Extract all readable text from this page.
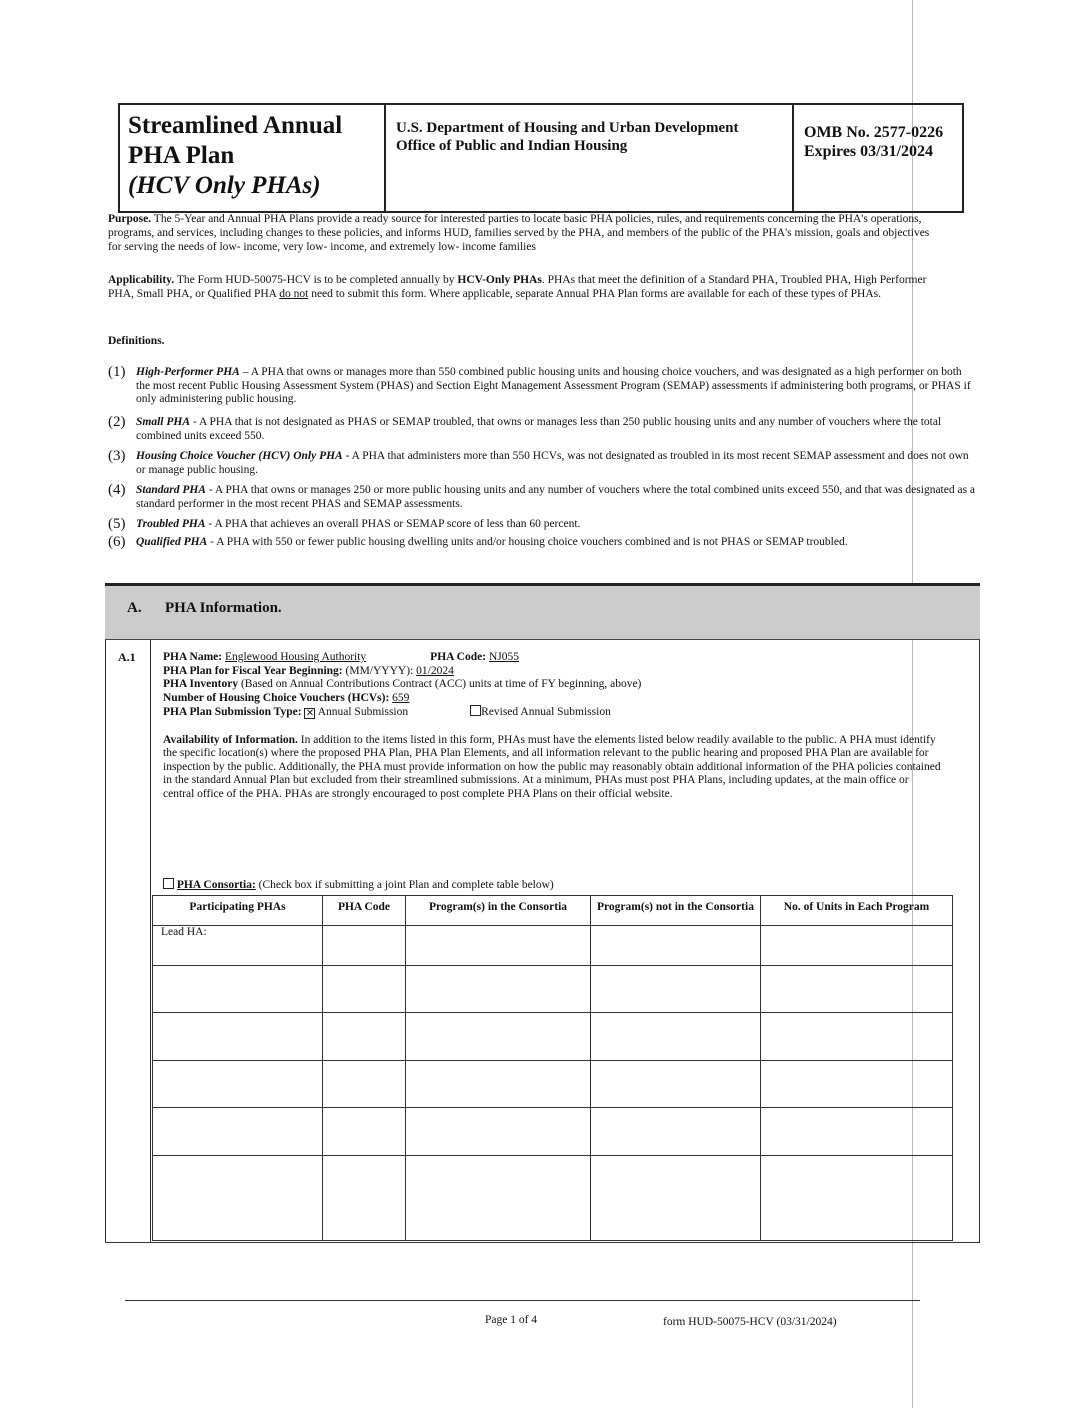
Streamlined Annual
PHA Plan
(HCV Only PHAs)
U.S. Department of Housing and Urban Development
Office of Public and Indian Housing
OMB No. 2577-0226
Expires 03/31/2024

Purpose. The 5-Year and Annual PHA Plans provide a ready source for interested parties to locate basic PHA policies, rules, and requirements concerning the PHA's operations, programs, and services, including changes to these policies, and informs HUD, families served by the PHA, and members of the public of the PHA's mission, goals and objectives for serving the needs of low- income, very low- income, and extremely low- income families

Applicability. The Form HUD-50075-HCV is to be completed annually by HCV-Only PHAs. PHAs that meet the definition of a Standard PHA, Troubled PHA, High Performer PHA, Small PHA, or Qualified PHA do not need to submit this form. Where applicable, separate Annual PHA Plan forms are available for each of these types of PHAs.

Definitions.

(1) High-Performer PHA – A PHA that owns or manages more than 550 combined public housing units and housing choice vouchers, and was designated as a high performer on both the most recent Public Housing Assessment System (PHAS) and Section Eight Management Assessment Program (SEMAP) assessments if administering both programs, or PHAS if only administering public housing.
(2) Small PHA - A PHA that is not designated as PHAS or SEMAP troubled, that owns or manages less than 250 public housing units and any number of vouchers where the total combined units exceed 550.
(3) Housing Choice Voucher (HCV) Only PHA - A PHA that administers more than 550 HCVs, was not designated as troubled in its most recent SEMAP assessment and does not own or manage public housing.
(4) Standard PHA - A PHA that owns or manages 250 or more public housing units and any number of vouchers where the total combined units exceed 550, and that was designated as a standard performer in the most recent PHAS and SEMAP assessments.
(5) Troubled PHA - A PHA that achieves an overall PHAS or SEMAP score of less than 60 percent.
(6) Qualified PHA - A PHA with 550 or fewer public housing dwelling units and/or housing choice vouchers combined and is not PHAS or SEMAP troubled.
A. PHA Information.
A.1 PHA Name: Englewood Housing Authority	PHA Code: NJ055
PHA Plan for Fiscal Year Beginning: (MM/YYYY): 01/2024
PHA Inventory (Based on Annual Contributions Contract (ACC) units at time of FY beginning, above)
Number of Housing Choice Vouchers (HCVs): 659
PHA Plan Submission Type: ✕ Annual Submission	Revised Annual Submission
Availability of Information. In addition to the items listed in this form, PHAs must have the elements listed below readily available to the public. A PHA must identify the specific location(s) where the proposed PHA Plan, PHA Plan Elements, and all information relevant to the public hearing and proposed PHA Plan are available for inspection by the public. Additionally, the PHA must provide information on how the public may reasonably obtain additional information of the PHA policies contained in the standard Annual Plan but excluded from their streamlined submissions. At a minimum, PHAs must post PHA Plans, including updates, at the main office or central office of the PHA. PHAs are strongly encouraged to post complete PHA Plans on their official website.
PHA Consortia: (Check box if submitting a joint Plan and complete table below)
Participating PHAs	PHA Code	Program(s) in the Consortia	Program(s) not in the Consortia	No. of Units in Each Program
Lead HA:				

Page 1 of 4	form HUD-50075-HCV (03/31/2024)
